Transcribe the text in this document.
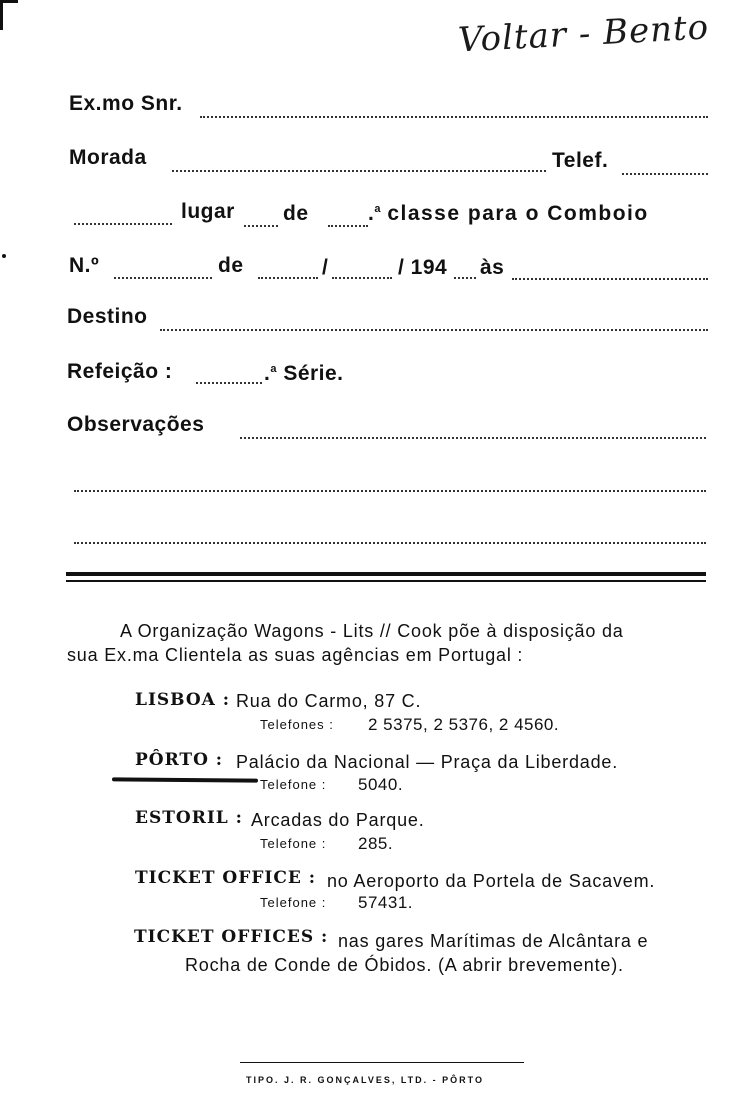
Voltar - Bento
Ex.mo Snr.
Morada	Telef.
lugar de	.$^a$ classe para o Comboio
N.º	de	/	/ 194 às
Destino
Refeição :	.$^a$ Série.
Observações
A Organização Wagons - Lits // Cook põe à disposição da
sua Ex.ma Clientela as suas agências em Portugal :
LISBOA : Rua do Carmo, 87 C.
Telefones : 2 5375, 2 5376, 2 4560.
PÔRTO : Palácio da Nacional — Praça da Liberdade.
Telefone : 5040.
ESTORIL : Arcadas do Parque.
Telefone : 285.
TICKET OFFICE : no Aeroporto da Portela de Sacavem.
Telefone : 57431.
TICKET OFFICES : nas gares Marítimas de Alcântara e
Rocha de Conde de Óbidos. (A abrir brevemente).
TIPO. J. R. GONÇALVES, LTD. - PÔRTO
